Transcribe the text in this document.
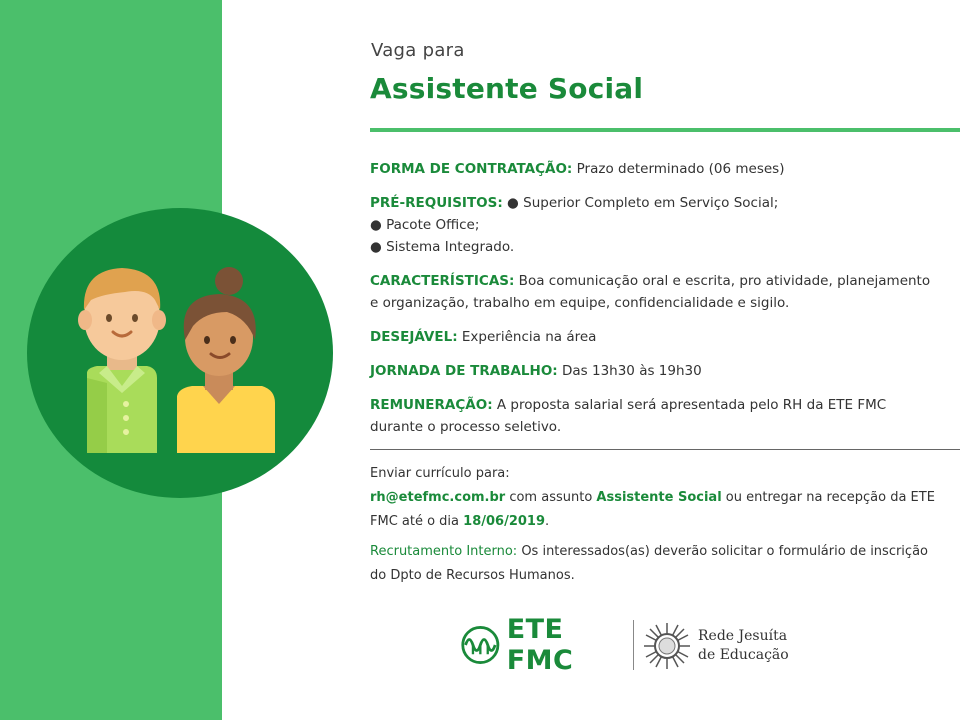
Vaga para
Assistente Social
FORMA DE CONTRATAÇÃO: Prazo determinado (06 meses)
PRÉ-REQUISITOS: ● Superior Completo em Serviço Social;
● Pacote Office;
● Sistema Integrado.
CARACTERÍSTICAS: Boa comunicação oral e escrita, pro atividade, planejamento e organização, trabalho em equipe, confidencialidade e sigilo.
DESEJÁVEL: Experiência na área
JORNADA DE TRABALHO: Das 13h30 às 19h30
REMUNERAÇÃO: A proposta salarial será apresentada pelo RH da ETE FMC durante o processo seletivo.
Enviar currículo para:
rh@etefmc.com.br com assunto Assistente Social ou entregar na recepção da ETE FMC até o dia 18/06/2019.
Recrutamento Interno: Os interessados(as) deverão solicitar o formulário de inscrição do Dpto de Recursos Humanos.
ETE FMC
Rede Jesuíta
de Educação
